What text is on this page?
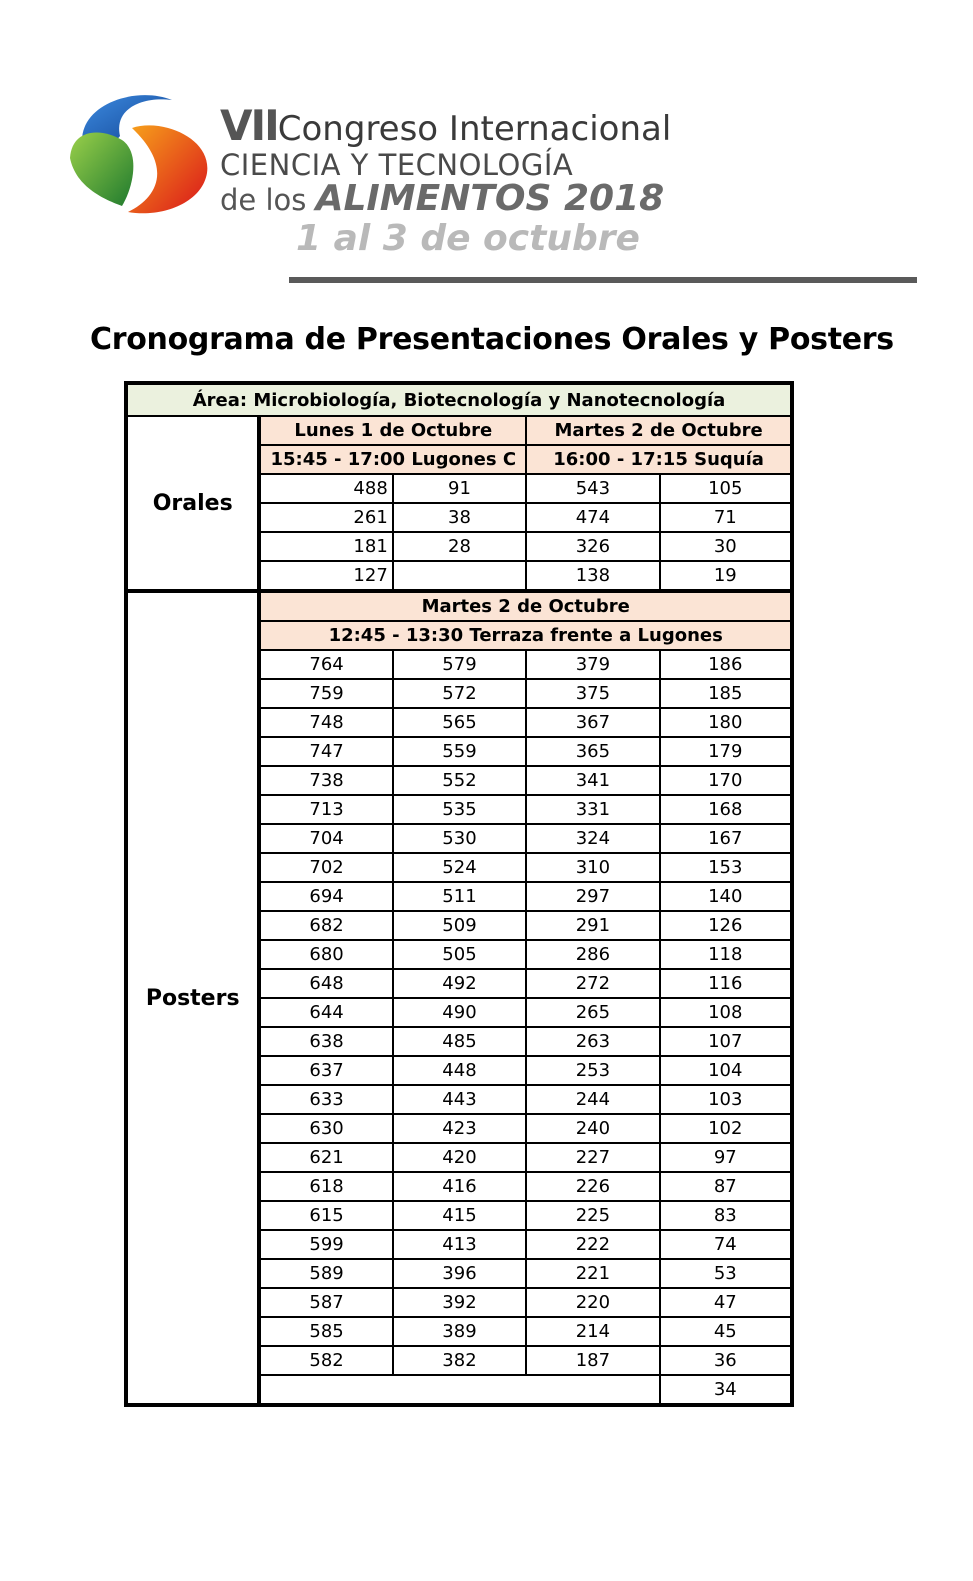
VIICongreso Internacional
CIENCIA Y TECNOLOGÍA
de los ALIMENTOS 2018
1 al 3 de octubre
Cronograma de Presentaciones Orales y Posters
Área: Microbiología, Biotecnología y Nanotecnología				
Orales	Lunes 1 de Octubre		Martes 2 de Octubre	
	15:45 - 17:00 Lugones C		16:00 - 17:15 Suquía	
	488	91	543	105
	261	38	474	71
	181	28	326	30
	127		138	19
Posters	Martes 2 de Octubre			
	12:45 - 13:30 Terraza frente a Lugones			
	764	579	379	186
	759	572	375	185
	748	565	367	180
	747	559	365	179
	738	552	341	170
	713	535	331	168
	704	530	324	167
	702	524	310	153
	694	511	297	140
	682	509	291	126
	680	505	286	118
	648	492	272	116
	644	490	265	108
	638	485	263	107
	637	448	253	104
	633	443	244	103
	630	423	240	102
	621	420	227	97
	618	416	226	87
	615	415	225	83
	599	413	222	74
	589	396	221	53
	587	392	220	47
	585	389	214	45
	582	382	187	36
				34
